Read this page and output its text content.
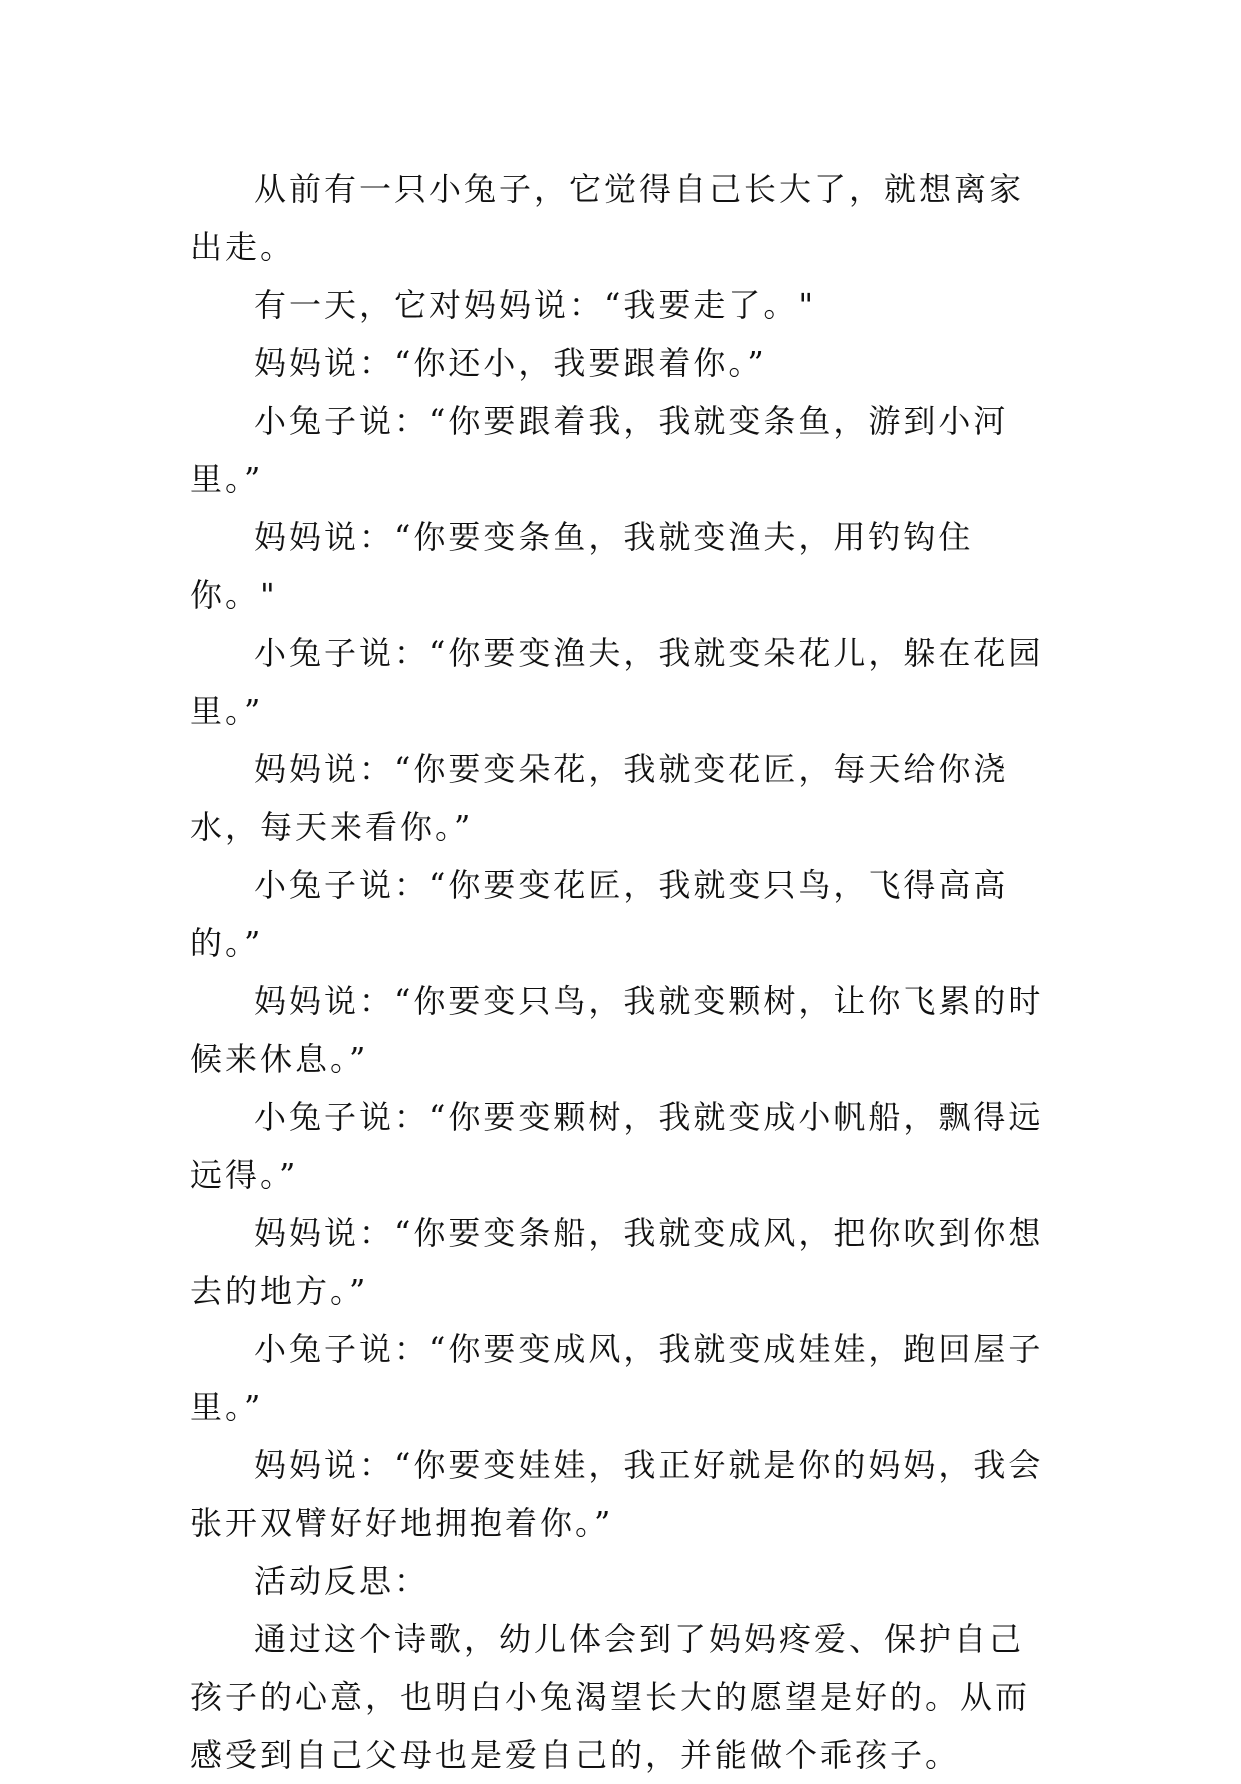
从前有一只小兔子，它觉得自己长大了，就想离家出走。

有一天，它对妈妈说：“我要走了。"

妈妈说：“你还小，我要跟着你。”

小兔子说：“你要跟着我，我就变条鱼，游到小河里。”

妈妈说：“你要变条鱼，我就变渔夫，用钓钩住你。"

小兔子说：“你要变渔夫，我就变朵花儿，躲在花园里。”

妈妈说：“你要变朵花，我就变花匠，每天给你浇水，每天来看你。”

小兔子说：“你要变花匠，我就变只鸟，飞得高高的。”

妈妈说：“你要变只鸟，我就变颗树，让你飞累的时候来休息。”

小兔子说：“你要变颗树，我就变成小帆船，飘得远远得。”

妈妈说：“你要变条船，我就变成风，把你吹到你想去的地方。”

小兔子说：“你要变成风，我就变成娃娃，跑回屋子里。”

妈妈说：“你要变娃娃，我正好就是你的妈妈，我会张开双臂好好地拥抱着你。”

活动反思：

通过这个诗歌，幼儿体会到了妈妈疼爱、保护自己孩子的心意，也明白小兔渴望长大的愿望是好的。从而感受到自己父母也是爱自己的，并能做个乖孩子。
